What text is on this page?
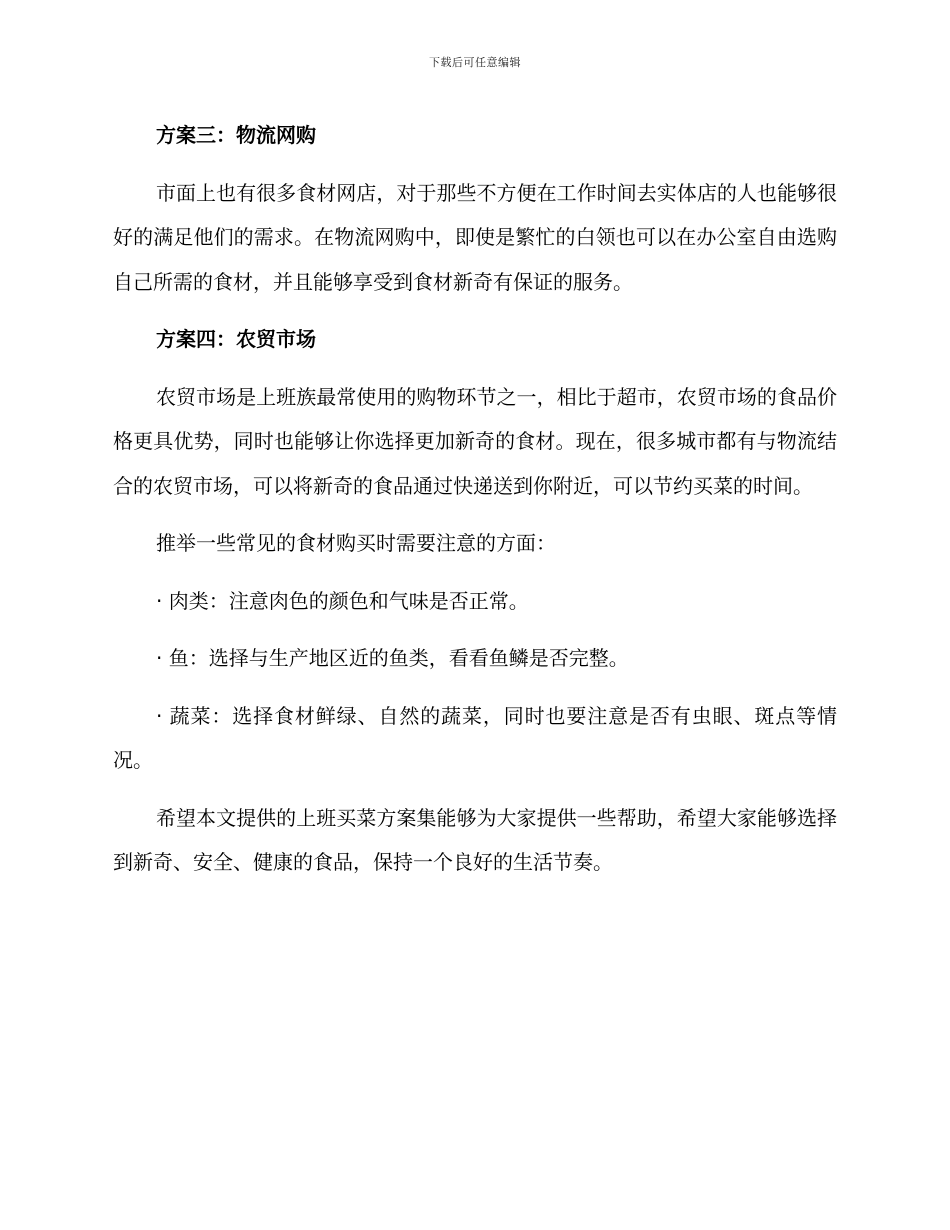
下载后可任意编辑

方案三：物流网购

市面上也有很多食材网店，对于那些不方便在工作时间去实体店的人也能够很好的满足他们的需求。在物流网购中，即使是繁忙的白领也可以在办公室自由选购自己所需的食材，并且能够享受到食材新奇有保证的服务。

方案四：农贸市场

农贸市场是上班族最常使用的购物环节之一，相比于超市，农贸市场的食品价格更具优势，同时也能够让你选择更加新奇的食材。现在，很多城市都有与物流结合的农贸市场，可以将新奇的食品通过快递送到你附近，可以节约买菜的时间。

推举一些常见的食材购买时需要注意的方面：

· 肉类：注意肉色的颜色和气味是否正常。

· 鱼：选择与生产地区近的鱼类，看看鱼鳞是否完整。

· 蔬菜：选择食材鲜绿、自然的蔬菜，同时也要注意是否有虫眼、斑点等情况。

希望本文提供的上班买菜方案集能够为大家提供一些帮助，希望大家能够选择到新奇、安全、健康的食品，保持一个良好的生活节奏。
